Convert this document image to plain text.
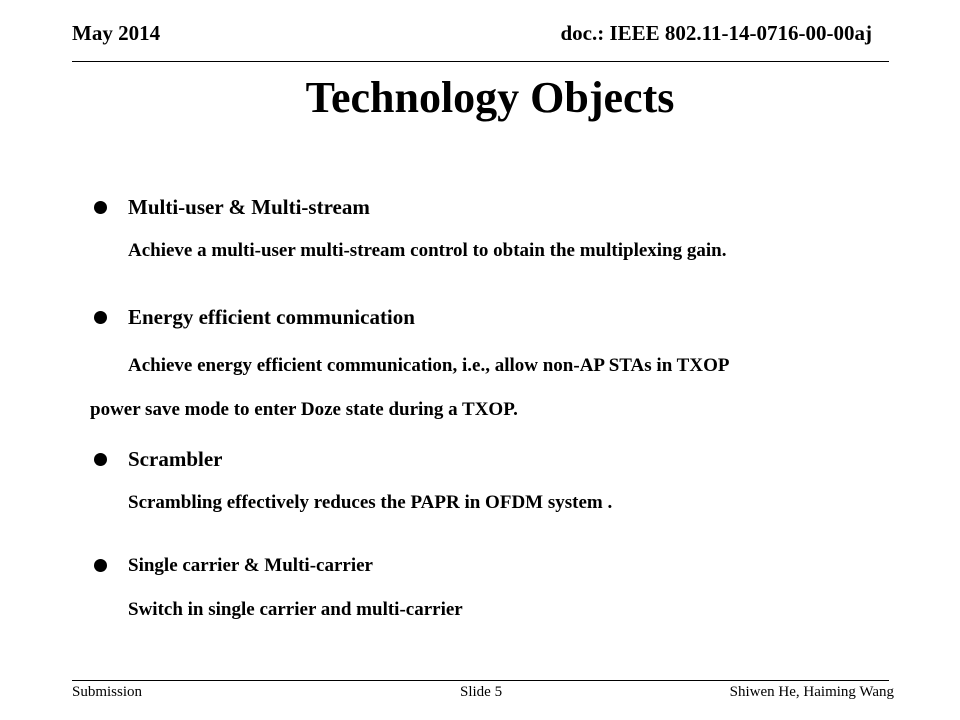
May 2014	doc.: IEEE 802.11-14-0716-00-00aj
Technology Objects
Multi-user & Multi-stream
Achieve a multi-user multi-stream control to obtain the multiplexing gain.
Energy efficient communication
Achieve energy efficient communication, i.e., allow non-AP STAs in TXOP
power save mode to enter Doze state during a TXOP.
Scrambler
Scrambling effectively reduces the PAPR in OFDM system .
Single carrier & Multi-carrier
Switch in single carrier and multi-carrier
Submission	Slide 5	Shiwen He, Haiming Wang
